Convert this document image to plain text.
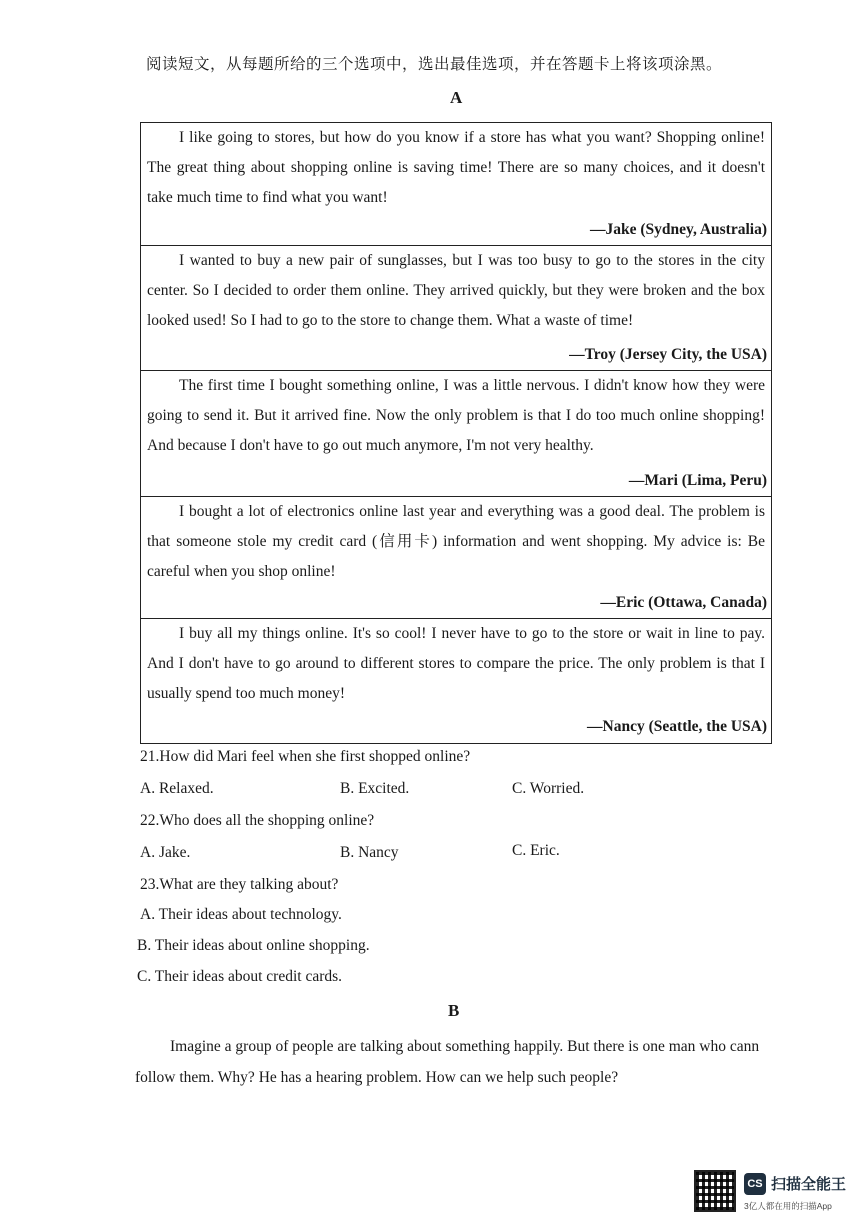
阅读短文，从每题所给的三个选项中，选出最佳选项，并在答题卡上将该项涂黑。
A

I like going to stores, but how do you know if a store has what you want? Shopping online! The great thing about shopping online is saving time! There are so many choices, and it doesn't take much time to find what you want!

—Jake (Sydney, Australia)

I wanted to buy a new pair of sunglasses, but I was too busy to go to the stores in the city center. So I decided to order them online. They arrived quickly, but they were broken and the box looked used! So I had to go to the store to change them. What a waste of time!

—Troy (Jersey City, the USA)

The first time I bought something online, I was a little nervous. I didn't know how they were going to send it. But it arrived fine. Now the only problem is that I do too much online shopping! And because I don't have to go out much anymore, I'm not very healthy.

—Mari (Lima, Peru)

I bought a lot of electronics online last year and everything was a good deal. The problem is that someone stole my credit card (信用卡) information and went shopping. My advice is: Be careful when you shop online!

—Eric (Ottawa, Canada)

I buy all my things online. It's so cool! I never have to go to the store or wait in line to pay. And I don't have to go around to different stores to compare the price. The only problem is that I usually spend too much money!

—Nancy (Seattle, the USA)
21.How did Mari feel when she first shopped online?
A. Relaxed.	B. Excited.	C. Worried.
22.Who does all the shopping online?
A. Jake.	B. Nancy	C. Eric.
23.What are they talking about?
A. Their ideas about technology.
B. Their ideas about online shopping.
C. Their ideas about credit cards.
B
Imagine a group of people are talking about something happily. But there is one man who cann
follow them. Why? He has a hearing problem. How can we help such people?
CS 扫描全能王
3亿人都在用的扫描App
